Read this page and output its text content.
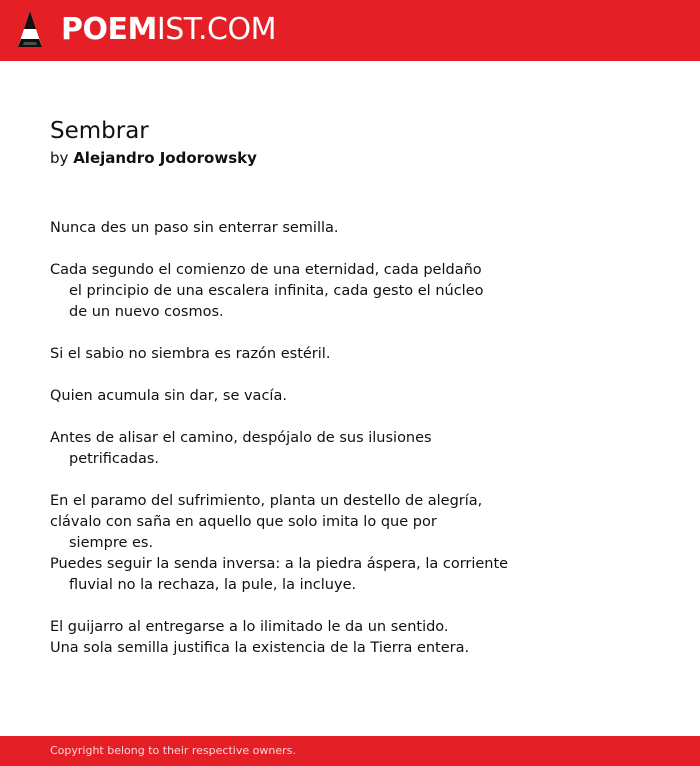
POEMIST.COM
Sembrar
by Alejandro Jodorowsky
Nunca des un paso sin enterrar semilla.
Cada segundo el comienzo de una eternidad, cada peldaño
el principio de una escalera infinita, cada gesto el núcleo
de un nuevo cosmos.
Si el sabio no siembra es razón estéril.
Quien acumula sin dar, se vacía.
Antes de alisar el camino, despójalo de sus ilusiones
petrificadas.
En el paramo del sufrimiento, planta un destello de alegría,
clávalo con saña en aquello que solo imita lo que por
siempre es.
Puedes seguir la senda inversa: a la piedra áspera, la corriente
fluvial no la rechaza, la pule, la incluye.
El guijarro al entregarse a lo ilimitado le da un sentido.
Una sola semilla justifica la existencia de la Tierra entera.
Copyright belong to their respective owners.
